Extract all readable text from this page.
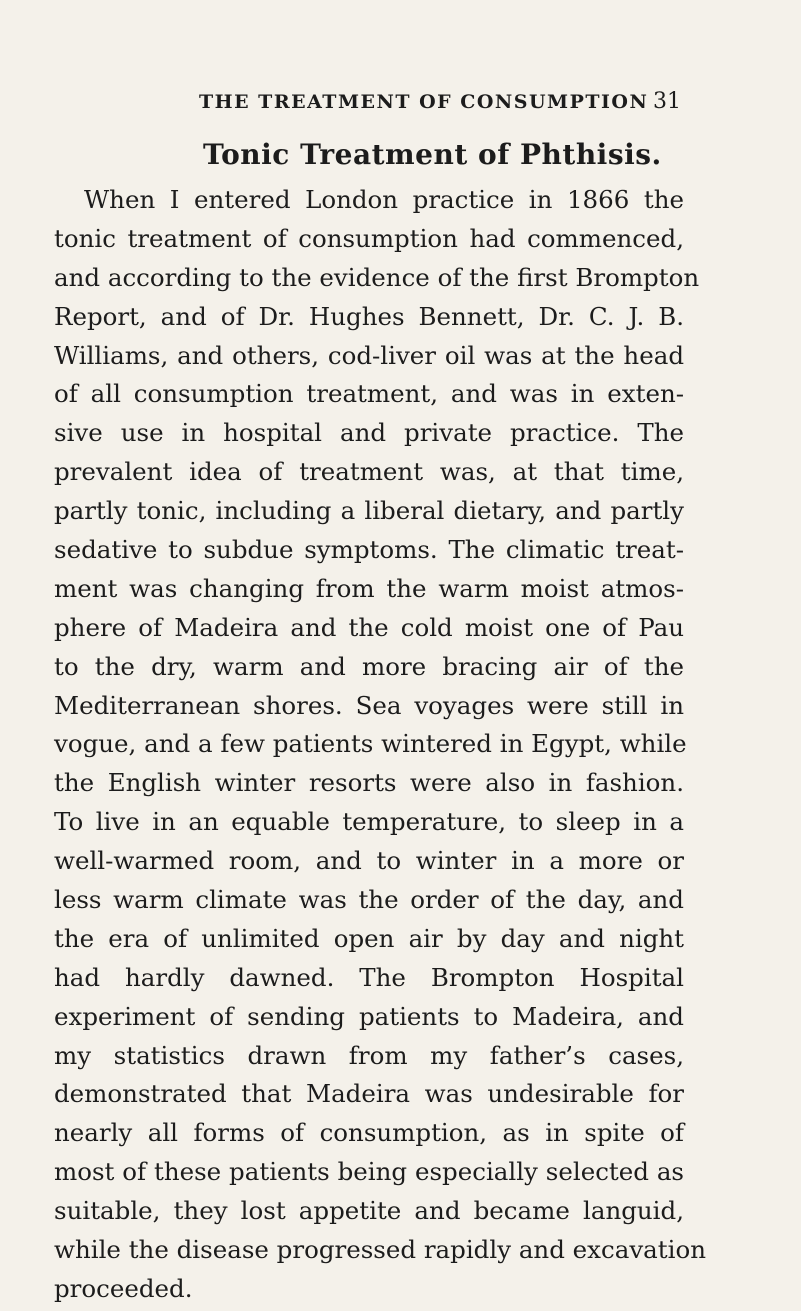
THE TREATMENT OF CONSUMPTION 31
Tonic Treatment of Phthisis.
When I entered London practice in 1866 the
tonic treatment of consumption had commenced,
and according to the evidence of the first Brompton
Report, and of Dr. Hughes Bennett, Dr. C. J. B.
Williams, and others, cod-liver oil was at the head
of all consumption treatment, and was in exten-
sive use in hospital and private practice. The
prevalent idea of treatment was, at that time,
partly tonic, including a liberal dietary, and partly
sedative to subdue symptoms. The climatic treat-
ment was changing from the warm moist atmos-
phere of Madeira and the cold moist one of Pau
to the dry, warm and more bracing air of the
Mediterranean shores. Sea voyages were still in
vogue, and a few patients wintered in Egypt, while
the English winter resorts were also in fashion.
To live in an equable temperature, to sleep in a
well-warmed room, and to winter in a more or
less warm climate was the order of the day, and
the era of unlimited open air by day and night
had hardly dawned. The Brompton Hospital
experiment of sending patients to Madeira, and
my statistics drawn from my father’s cases,
demonstrated that Madeira was undesirable for
nearly all forms of consumption, as in spite of
most of these patients being especially selected as
suitable, they lost appetite and became languid,
while the disease progressed rapidly and excavation
proceeded.
